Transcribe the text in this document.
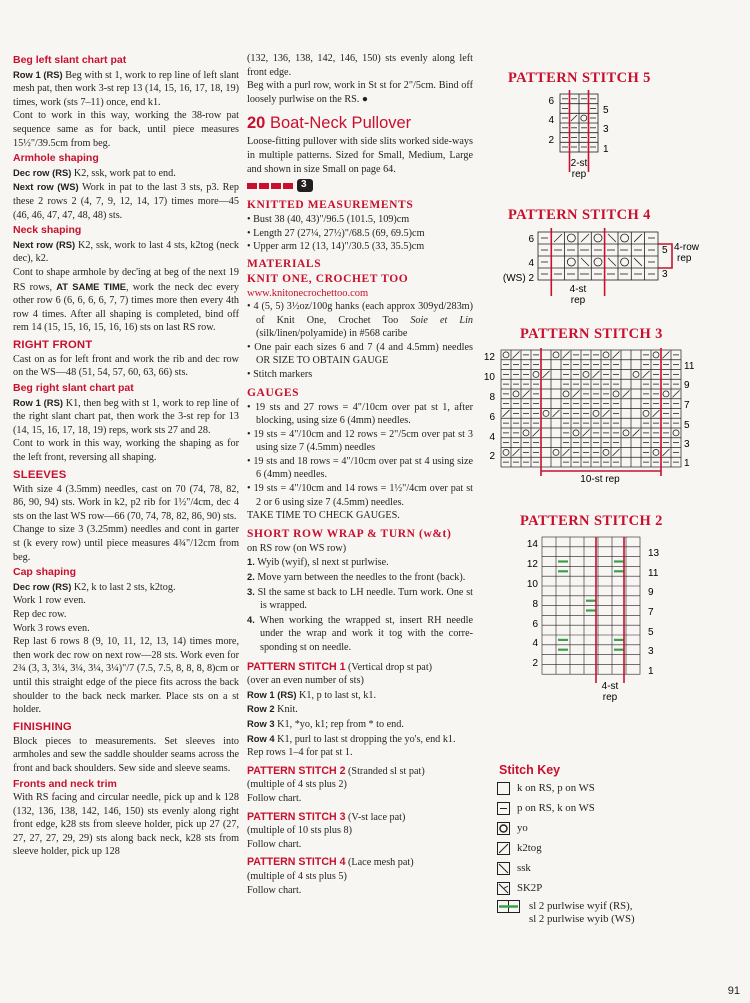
Beg left slant chart pat

Row 1 (RS) Beg with st 1, work to rep line of left slant mesh pat, then work 3-st rep 13 (14, 15, 16, 17, 18, 19) times, work (sts 7–11) once, end k1.

Cont to work in this way, working the 38-row pat sequence same as for back, until piece measures 15½"/39.5cm from beg.

Armhole shaping

Dec row (RS) K2, ssk, work pat to end.

Next row (WS) Work in pat to the last 3 sts, p3. Rep these 2 rows 2 (4, 7, 9, 12, 14, 17) times more—45 (46, 46, 47, 47, 48, 48) sts.

Neck shaping

Next row (RS) K2, ssk, work to last 4 sts, k2tog (neck dec), k2.

Cont to shape armhole by dec'ing at beg of the next 19 RS rows, AT SAME TIME, work the neck dec every other row 6 (6, 6, 6, 6, 7, 7) times more then every 4th row 4 times. After all shaping is completed, bind off rem 14 (15, 15, 16, 15, 16, 16) sts on last RS row.

RIGHT FRONT

Cast on as for left front and work the rib and dec row on the WS—48 (51, 54, 57, 60, 63, 66) sts.

Beg right slant chart pat

Row 1 (RS) K1, then beg with st 1, work to rep line of the right slant chart pat, then work the 3-st rep for 13 (14, 15, 16, 17, 18, 19) reps, work sts 27 and 28.

Cont to work in this way, working the shaping as for the left front, reversing all shaping.

SLEEVES

With size 4 (3.5mm) needles, cast on 70 (74, 78, 82, 86, 90, 94) sts. Work in k2, p2 rib for 1½"/4cm, dec 4 sts on the last WS row—66 (70, 74, 78, 82, 86, 90) sts.

Change to size 3 (3.25mm) needles and cont in garter st (k every row) until piece measures 4¾"/12cm from beg.

Cap shaping

Dec row (RS) K2, k to last 2 sts, k2tog.

Work 1 row even.

Rep dec row.

Work 3 rows even.

Rep last 6 rows 8 (9, 10, 11, 12, 13, 14) times more, then work dec row on next row—28 sts. Work even for 2¾ (3, 3, 3¼, 3¼, 3¼, 3¼)"/7 (7.5, 7.5, 8, 8, 8, 8)cm or until this straight edge of the piece fits across the back shoulder to the back neck marker. Place sts on a st holder.

FINISHING

Block pieces to measurements. Set sleeves into armholes and sew the saddle shoulder seams across the front and back shoulders. Sew side and sleeve seams.

Fronts and neck trim

With RS facing and circular needle, pick up and k 128 (132, 136, 138, 142, 146, 150) sts evenly along right front edge, k28 sts from sleeve holder, pick up 27 (27, 27, 27, 27, 29, 29) sts along back neck, k28 sts from sleeve holder, pick up 128

(132, 136, 138, 142, 146, 150) sts evenly along left front edge.

Beg with a purl row, work in St st for 2"/5cm. Bind off loosely purlwise on the RS. ●

20 Boat-Neck Pullover

Loose-fitting pullover with side slits worked side-ways in multiple patterns. Sized for Small, Medium, Large and shown in size Small on page 64.

3
KNITTED MEASUREMENTS

• Bust 38 (40, 43)"/96.5 (101.5, 109)cm

• Length 27 (27¼, 27½)"/68.5 (69, 69.5)cm

• Upper arm 12 (13, 14)"/30.5 (33, 35.5)cm

MATERIALS
KNIT ONE, CROCHET TOO
www.knitonecrochettoo.com

• 4 (5, 5) 3½oz/100g hanks (each approx 309yd/283m) of Knit One, Crochet Too Soie et Lin (silk/linen/polyamide) in #568 caribe

• One pair each sizes 6 and 7 (4 and 4.5mm) needles OR SIZE TO OBTAIN GAUGE

• Stitch markers

GAUGES

• 19 sts and 27 rows = 4"/10cm over pat st 1, after blocking, using size 6 (4mm) needles.

• 19 sts = 4"/10cm and 12 rows = 2"/5cm over pat st 3 using size 7 (4.5mm) needles

• 19 sts and 18 rows = 4"/10cm over pat st 4 using size 6 (4mm) needles.

• 19 sts = 4"/10cm and 14 rows = 1½"/4cm over pat st 2 or 6 using size 7 (4.5mm) needles.

TAKE TIME TO CHECK GAUGES.

SHORT ROW WRAP & TURN (w&t)

on RS row (on WS row)

1. Wyib (wyif), sl next st purlwise.

2. Move yarn between the needles to the front (back).

3. Sl the same st back to LH needle. Turn work. One st is wrapped.

4. When working the wrapped st, insert RH needle under the wrap and work it tog with the corre-sponding st on needle.

PATTERN STITCH 1 (Vertical drop st pat)

(over an even number of sts)

Row 1 (RS) K1, p to last st, k1.

Row 2 Knit.

Row 3 K1, *yo, k1; rep from * to end.

Row 4 K1, purl to last st dropping the yo's, end k1.

Rep rows 1–4 for pat st 1.

PATTERN STITCH 2 (Stranded sl st pat)

(multiple of 4 sts plus 2)

Follow chart.

PATTERN STITCH 3 (V-st lace pat)

(multiple of 10 sts plus 8)

Follow chart.

PATTERN STITCH 4 (Lace mesh pat)

(multiple of 4 sts plus 5)

Follow chart.

PATTERN STITCH 5
6
4
2
5
3
1
2-st
rep
PATTERN STITCH 4
6
4
(WS) 2
5
3
4-row
rep
4-st
rep
PATTERN STITCH 3
12
10
8
6
4
2
11
9
7
5
3
1
10-st rep
PATTERN STITCH 2
14
12
10
8
6
4
2
13
11
9
7
5
3
1
4-st
rep
Stitch Key
k on RS, p on WS
p on RS, k on WS
yo
k2tog
ssk
SK2P
sl 2 purlwise wyif (RS),
sl 2 purlwise wyib (WS)
91
